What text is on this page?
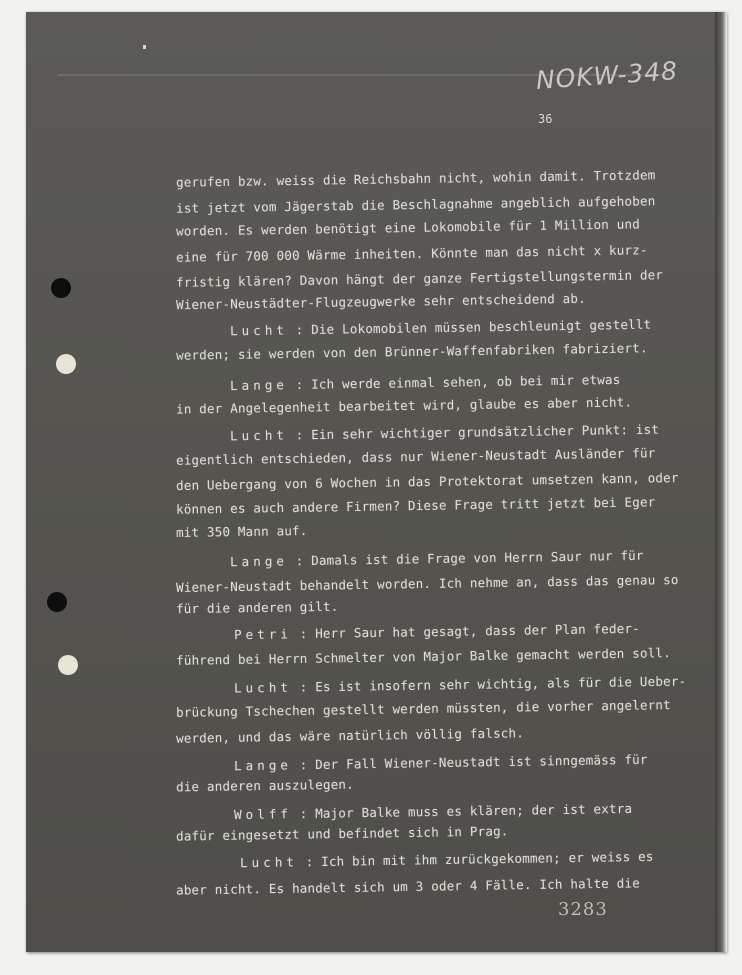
NOKW-348
36
gerufen bzw. weiss die Reichsbahn nicht, wohin damit. Trotzdem
ist jetzt vom Jägerstab die Beschlagnahme angeblich aufgehoben
worden. Es werden benötigt eine Lokomobile für 1 Million und
eine für 700 000 Wärme inheiten. Könnte man das nicht x kurz-
fristig klären? Davon hängt der ganze Fertigstellungstermin der
Wiener-Neustädter-Flugzeugwerke sehr entscheidend ab.
Lucht : Die Lokomobilen müssen beschleunigt gestellt
werden; sie werden von den Brünner-Waffenfabriken fabriziert.
Lange : Ich werde einmal sehen, ob bei mir etwas
in der Angelegenheit bearbeitet wird, glaube es aber nicht.
Lucht : Ein sehr wichtiger grundsätzlicher Punkt: ist
eigentlich entschieden, dass nur Wiener-Neustadt Ausländer für
den Uebergang von 6 Wochen in das Protektorat umsetzen kann, oder
können es auch andere Firmen? Diese Frage tritt jetzt bei Eger
mit 350 Mann auf.
Lange : Damals ist die Frage von Herrn Saur nur für
Wiener-Neustadt behandelt worden. Ich nehme an, dass das genau so
für die anderen gilt.
Petri : Herr Saur hat gesagt, dass der Plan feder-
führend bei Herrn Schmelter von Major Balke gemacht werden soll.
Lucht : Es ist insofern sehr wichtig, als für die Ueber-
brückung Tschechen gestellt werden müssten, die vorher angelernt
werden, und das wäre natürlich völlig falsch.
Lange : Der Fall Wiener-Neustadt ist sinngemäss für
die anderen auszulegen.
Wolff : Major Balke muss es klären; der ist extra
dafür eingesetzt und befindet sich in Prag.
Lucht : Ich bin mit ihm zurückgekommen; er weiss es
aber nicht. Es handelt sich um 3 oder 4 Fälle. Ich halte die
3283
